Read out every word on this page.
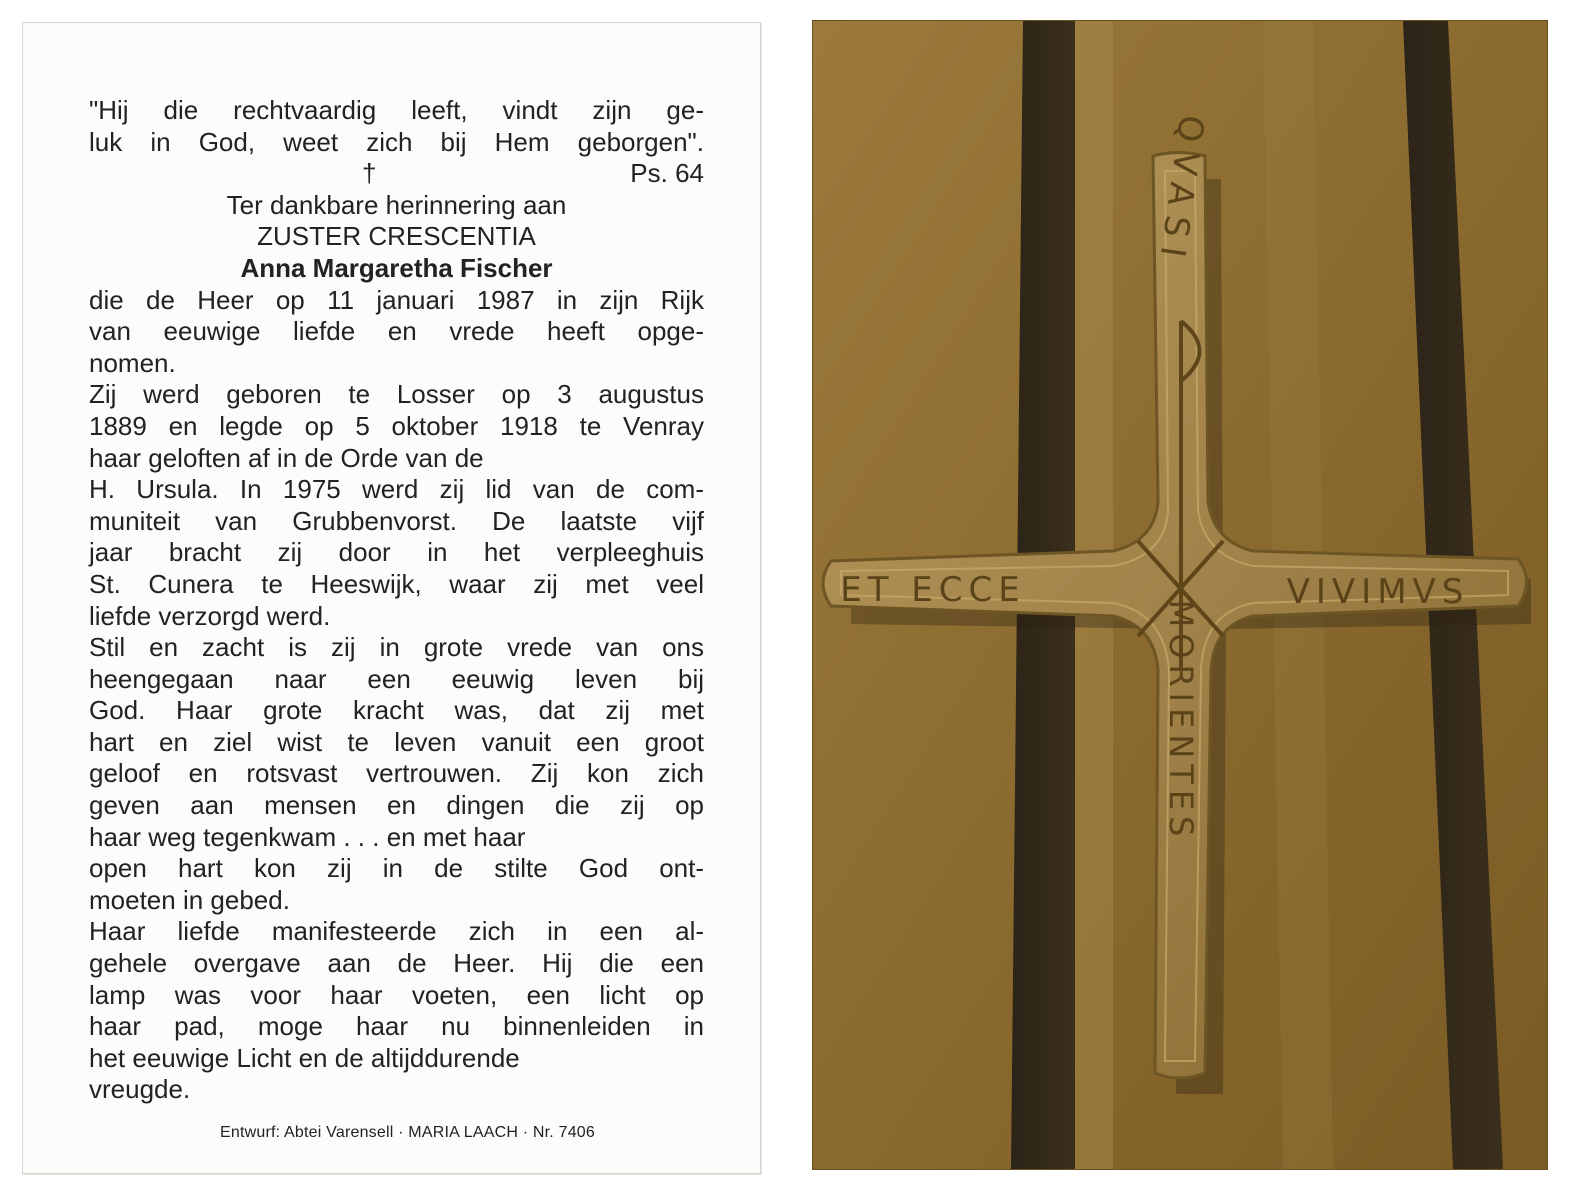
"Hij die rechtvaardig leeft, vindt zijn ge-
luk in God, weet zich bij Hem geborgen".
†	Ps. 64
Ter dankbare herinnering aan
ZUSTER CRESCENTIA
Anna Margaretha Fischer
die de Heer op 11 januari 1987 in zijn Rijk
van eeuwige liefde en vrede heeft opge-
nomen.
Zij werd geboren te Losser op 3 augustus
1889 en legde op 5 oktober 1918 te Venray
haar geloften af in de Orde van de
H. Ursula. In 1975 werd zij lid van de com-
muniteit van Grubbenvorst. De laatste vijf
jaar bracht zij door in het verpleeghuis
St. Cunera te Heeswijk, waar zij met veel
liefde verzorgd werd.
Stil en zacht is zij in grote vrede van ons
heengegaan naar een eeuwig leven bij
God. Haar grote kracht was, dat zij met
hart en ziel wist te leven vanuit een groot
geloof en rotsvast vertrouwen. Zij kon zich
geven aan mensen en dingen die zij op
haar weg tegenkwam . . . en met haar
open hart kon zij in de stilte God ont-
moeten in gebed.
Haar liefde manifesteerde zich in een al-
gehele overgave aan de Heer. Hij die een
lamp was voor haar voeten, een licht op
haar pad, moge haar nu binnenleiden in
het eeuwige Licht en de altijddurende
vreugde.
Entwurf: Abtei Varensell · MARIA LAACH · Nr. 7406
QVASI
ET ECCE	VIVIMVS
MORIENTES
